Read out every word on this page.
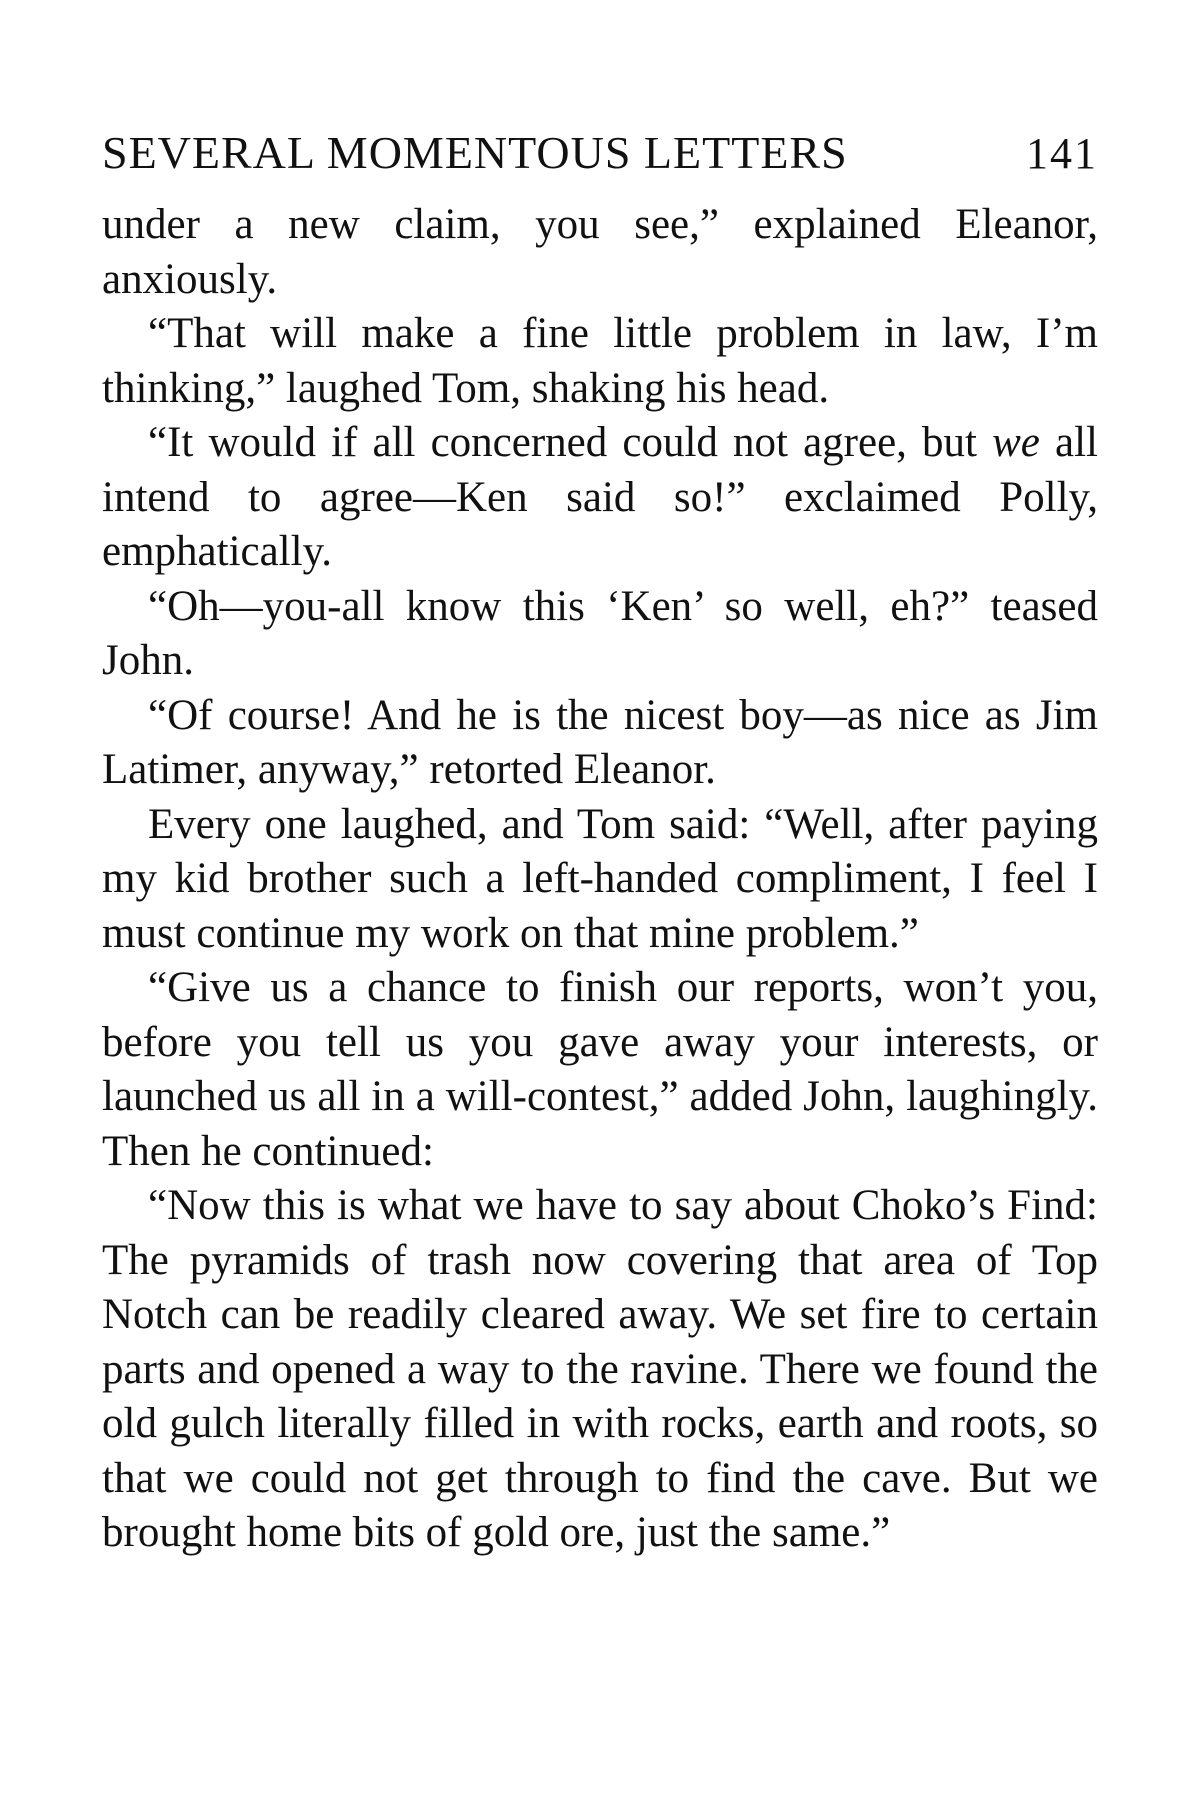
SEVERAL MOMENTOUS LETTERS	141

under a new claim, you see,” explained Eleanor, anxiously.

“That will make a fine little problem in law, I’m thinking,” laughed Tom, shaking his head.

“It would if all concerned could not agree, but we all intend to agree—Ken said so!” exclaimed Polly, emphatically.

“Oh—you-all know this ‘Ken’ so well, eh?” teased John.

“Of course! And he is the nicest boy—as nice as Jim Latimer, anyway,” retorted Eleanor.

Every one laughed, and Tom said: “Well, after paying my kid brother such a left-handed compliment, I feel I must continue my work on that mine problem.”

“Give us a chance to finish our reports, won’t you, before you tell us you gave away your interests, or launched us all in a will-contest,” added John, laughingly. Then he continued:

“Now this is what we have to say about Choko’s Find: The pyramids of trash now covering that area of Top Notch can be readily cleared away. We set fire to certain parts and opened a way to the ravine. There we found the old gulch literally filled in with rocks, earth and roots, so that we could not get through to find the cave. But we brought home bits of gold ore, just the same.”
